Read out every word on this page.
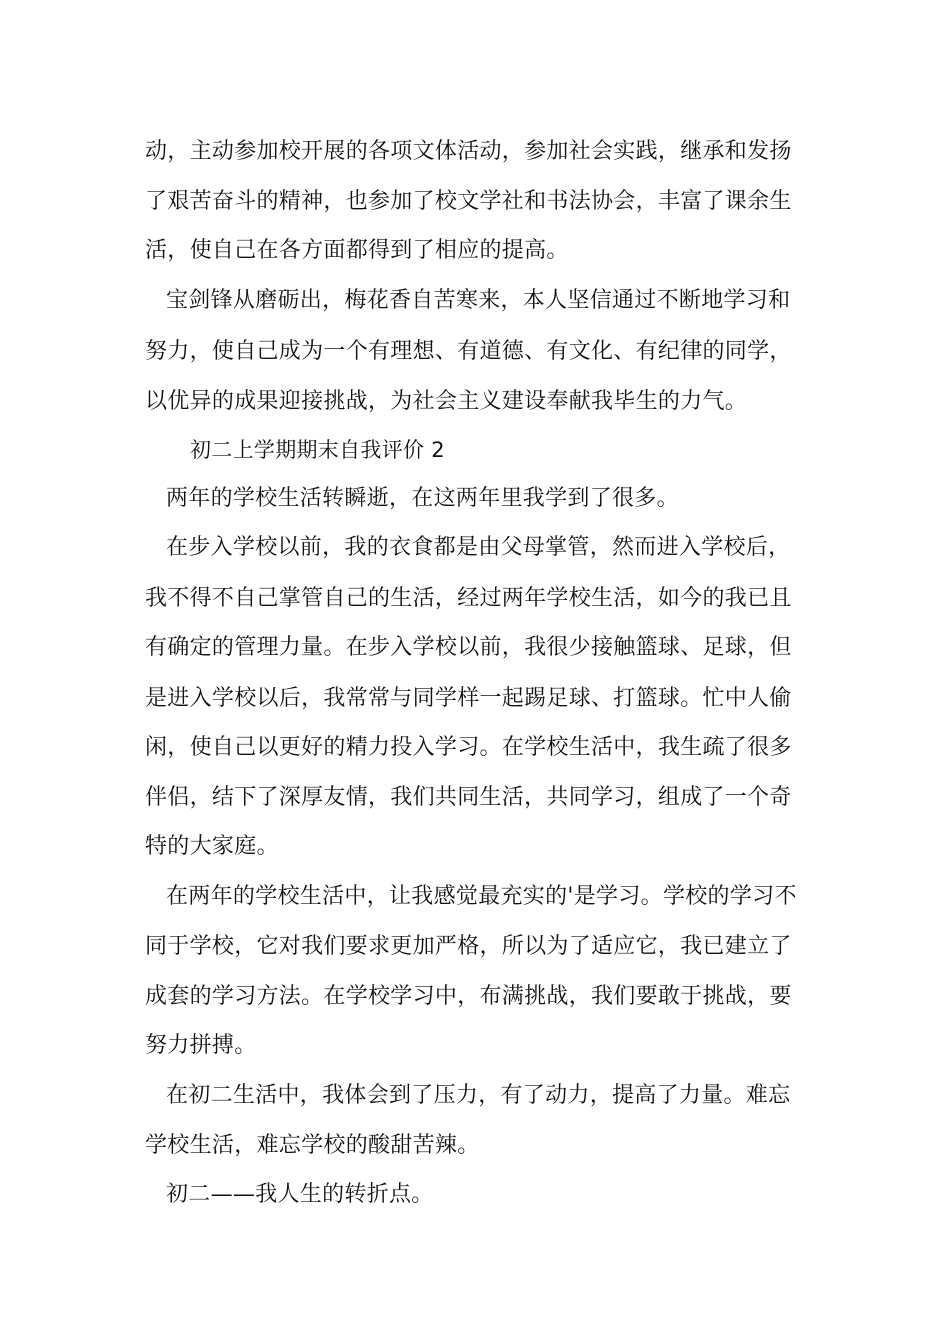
动，主动参加校开展的各项文体活动，参加社会实践，继承和发扬
了艰苦奋斗的精神，也参加了校文学社和书法协会，丰富了课余生
活，使自己在各方面都得到了相应的提高。
宝剑锋从磨砺出，梅花香自苦寒来，本人坚信通过不断地学习和
努力，使自己成为一个有理想、有道德、有文化、有纪律的同学，
以优异的成果迎接挑战，为社会主义建设奉献我毕生的力气。
初二上学期期末自我评价 2
两年的学校生活转瞬逝，在这两年里我学到了很多。
在步入学校以前，我的衣食都是由父母掌管，然而进入学校后，
我不得不自己掌管自己的生活，经过两年学校生活，如今的我已且
有确定的管理力量。在步入学校以前，我很少接触篮球、足球，但
是进入学校以后，我常常与同学样一起踢足球、打篮球。忙中人偷
闲，使自己以更好的精力投入学习。在学校生活中，我生疏了很多
伴侣，结下了深厚友情，我们共同生活，共同学习，组成了一个奇
特的大家庭。
在两年的学校生活中，让我感觉最充实的'是学习。学校的学习不
同于学校，它对我们要求更加严格，所以为了适应它，我已建立了
成套的学习方法。在学校学习中，布满挑战，我们要敢于挑战，要
努力拼搏。
在初二生活中，我体会到了压力，有了动力，提高了力量。难忘
学校生活，难忘学校的酸甜苦辣。
初二——我人生的转折点。
